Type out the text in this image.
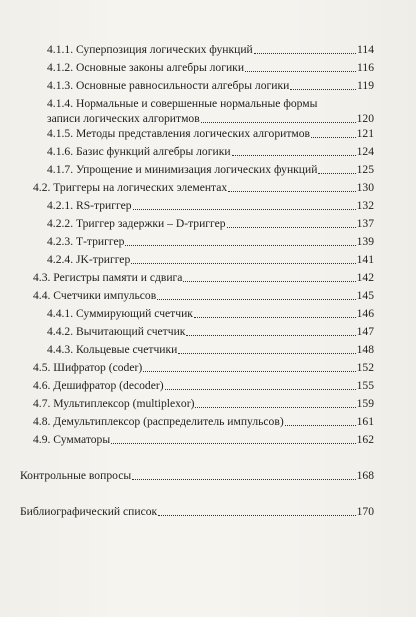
4.1.1. Суперпозиция логических функций	114
4.1.2. Основные законы алгебры логики	116
4.1.3. Основные равносильности алгебры логики	119
4.1.4. Нормальные и совершенные нормальные формы
записи логических алгоритмов	120
4.1.5. Методы представления логических алгоритмов	121
4.1.6. Базис функций алгебры логики	124
4.1.7. Упрощение и минимизация логических функций	125
4.2. Триггеры на логических элементах	130
4.2.1. RS-триггер	132
4.2.2. Триггер задержки – D-триггер	137
4.2.3. Т-триггер	139
4.2.4. JK-триггер	141
4.3. Регистры памяти и сдвига	142
4.4. Счетчики импульсов	145
4.4.1. Суммирующий счетчик	146
4.4.2. Вычитающий счетчик	147
4.4.3. Кольцевые счетчики	148
4.5. Шифратор (coder)	152
4.6. Дешифратор (decoder)	155
4.7. Мультиплексор (multiplexor)	159
4.8. Демультиплексор (распределитель импульсов)	161
4.9. Сумматоры	162
Контрольные вопросы	168
Библиографический список	170
